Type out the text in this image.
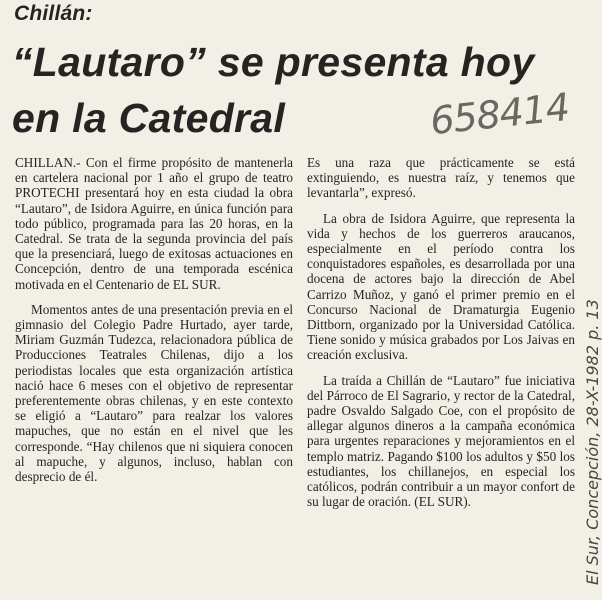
Chillán:
“Lautaro” se presenta hoy en la Catedral	658414

CHILLAN.- Con el firme propósito de mantenerla en cartelera nacional por 1 año el grupo de teatro PROTECHI presentará hoy en esta ciudad la obra “Lautaro”, de Isidora Aguirre, en única función para todo público, programada para las 20 horas, en la Catedral. Se trata de la segunda provincia del país que la presenciará, luego de exitosas actuaciones en Concepción, dentro de una temporada escénica motivada en el Centenario de EL SUR.

Momentos antes de una presentación previa en el gimnasio del Colegio Padre Hurtado, ayer tarde, Miriam Guzmán Tudezca, relacionadora pública de Producciones Teatrales Chilenas, dijo a los periodistas locales que esta organización artística nació hace 6 meses con el objetivo de representar preferentemente obras chilenas, y en este contexto se eligió a “Lautaro” para realzar los valores mapuches, que no están en el nivel que les corresponde. “Hay chilenos que ni siquiera conocen al mapuche, y algunos, incluso, hablan con desprecio de él.

Es una raza que prácticamente se está extinguiendo, es nuestra raíz, y tenemos que levantarla”, expresó.

La obra de Isidora Aguirre, que representa la vida y hechos de los guerreros araucanos, especialmente en el período contra los conquistadores españoles, es desarrollada por una docena de actores bajo la dirección de Abel Carrizo Muñoz, y ganó el primer premio en el Concurso Nacional de Dramaturgia Eugenio Dittborn, organizado por la Universidad Católica. Tiene sonido y música grabados por Los Jaivas en creación exclusiva.

La traída a Chillán de “Lautaro” fue iniciativa del Párroco de El Sagrario, y rector de la Catedral, padre Osvaldo Salgado Coe, con el propósito de allegar algunos dineros a la campaña económica para urgentes reparaciones y mejoramientos en el templo matriz. Pagando $100 los adultos y $50 los estudiantes, los chillanejos, en especial los católicos, podrán contribuir a un mayor confort de su lugar de oración. (EL SUR).	El Sur, Concepción, 28-X-1982 p. 13
